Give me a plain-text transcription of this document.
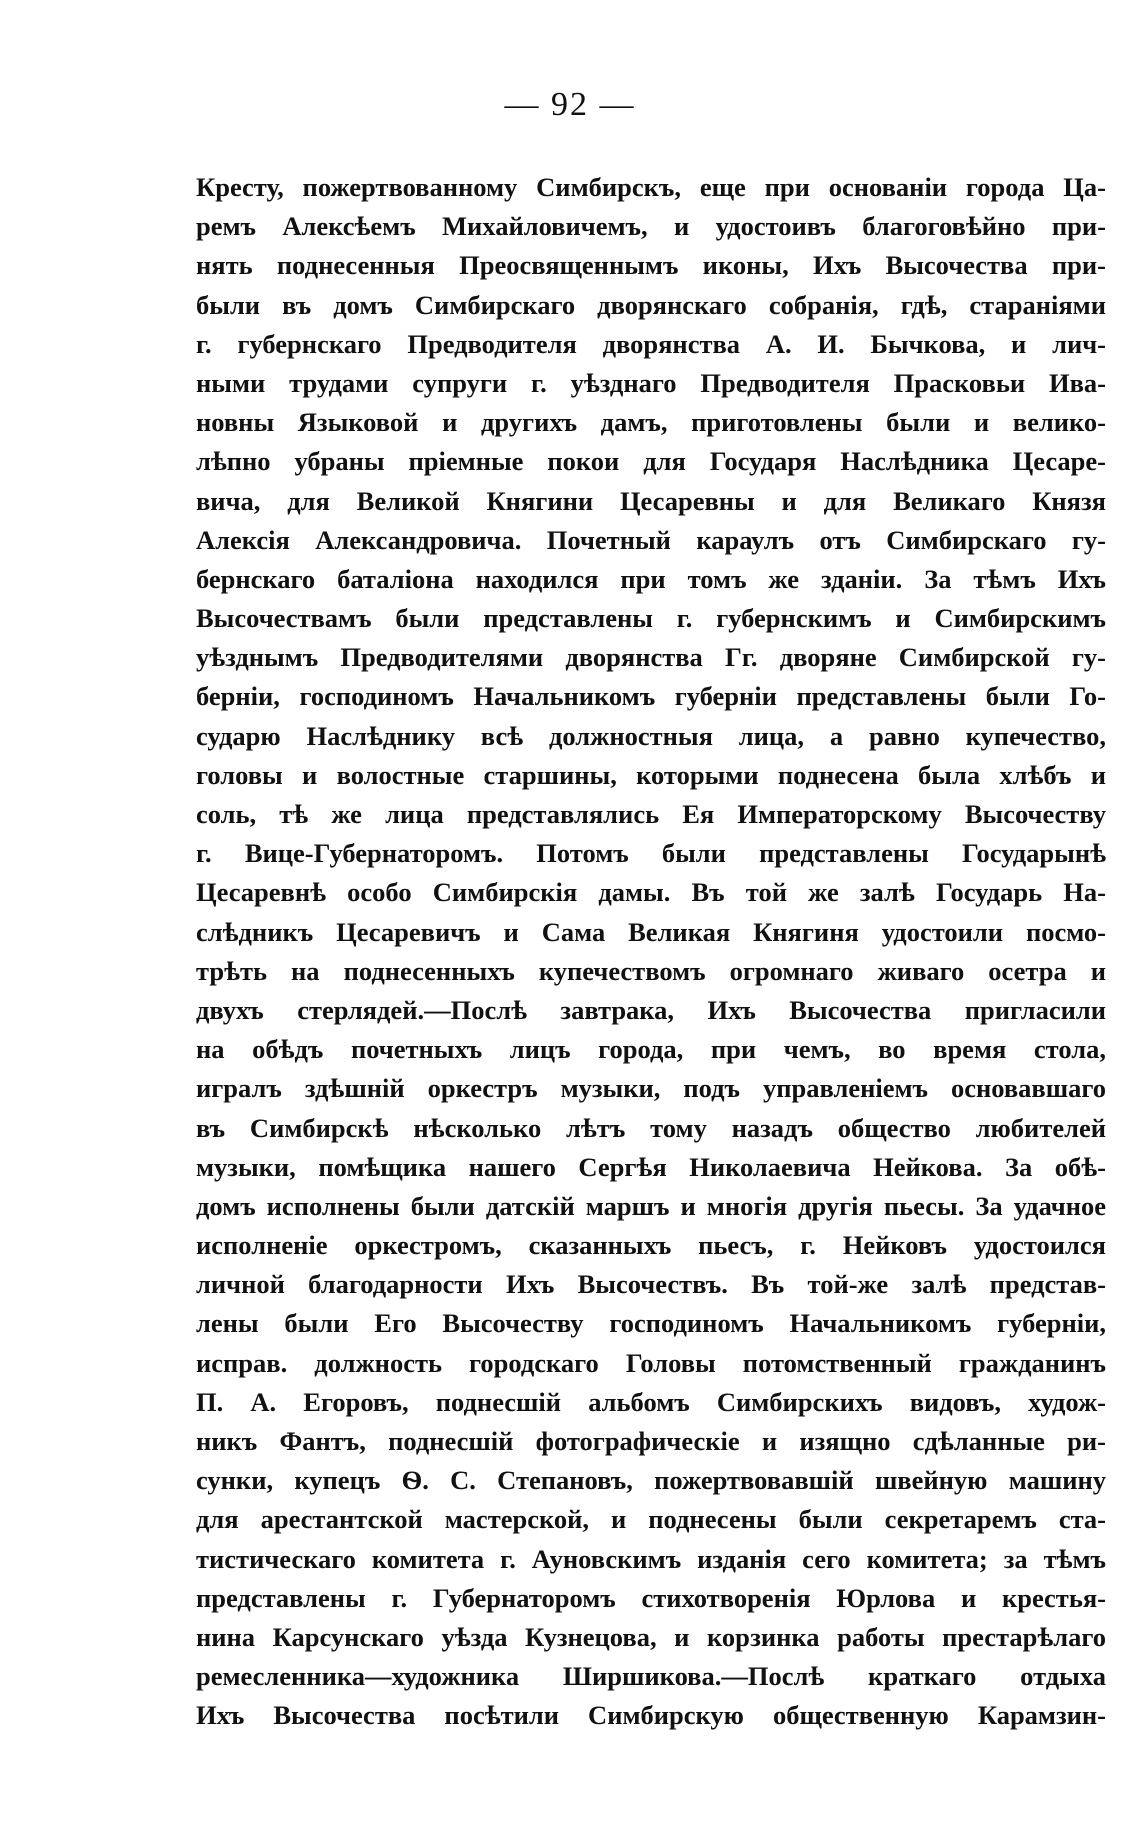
— 92 —
Кресту, пожертвованному Симбирскъ, еще при основанiи города Ца-
ремъ Алексѣемъ Михайловичемъ, и удостоивъ благоговѣйно при-
нять поднесенныя Преосвященнымъ иконы, Ихъ Высочества при-
были въ домъ Симбирскаго дворянскаго собранiя, гдѣ, стараніями
г. губернскаго Предводителя дворянства А. И. Бычкова, и лич-
ными трудами супруги г. уѣзднаго Предводителя Прасковьи Ива-
новны Языковой и другихъ дамъ, приготовлены были и велико-
лѣпно убраны прiемные покои для Государя Наслѣдника Цесаре-
вича, для Великой Княгини Цесаревны и для Великаго Князя
Алексiя Александровича. Почетный караулъ отъ Симбирскаго гу-
бернскаго баталiона находился при томъ же зданiи. За тѣмъ Ихъ
Высочествамъ были представлены г. губернскимъ и Симбирскимъ
уѣзднымъ Предводителями дворянства Гг. дворяне Симбирской гу-
бернiи, господиномъ Начальникомъ губернiи представлены были Го-
сударю Наслѣднику всѣ должностныя лица, а равно купечество,
головы и волостные старшины, которыми поднесена была хлѣбъ и
соль, тѣ же лица представлялись Ея Императорскому Высочеству
г. Вице-Губернаторомъ. Потомъ были представлены Государынѣ
Цесаревнѣ особо Симбирскiя дамы. Въ той же залѣ Государь На-
слѣдникъ Цесаревичъ и Сама Великая Княгиня удостоили посмо-
трѣть на поднесенныхъ купечествомъ огромнаго живаго осетра и
двухъ стерлядей.—Послѣ завтрака, Ихъ Высочества пригласили
на обѣдъ почетныхъ лицъ города, при чемъ, во время стола,
игралъ здѣшнiй оркестръ музыки, подъ управленiемъ основавшаго
въ Симбирскѣ нѣсколько лѣтъ тому назадъ общество любителей
музыки, помѣщика нашего Сергѣя Николаевича Нейкова. За обѣ-
домъ исполнены были датскiй маршъ и многiя другiя пьесы. За удачное
исполненiе оркестромъ, сказанныхъ пьесъ, г. Нейковъ удостоился
личной благодарности Ихъ Высочествъ. Въ той-же залѣ представ-
лены были Его Высочеству господиномъ Начальникомъ губернiи,
исправ. должность городскаго Головы потомственный гражданинъ
П. А. Егоровъ, поднесшiй альбомъ Симбирскихъ видовъ, худож-
никъ Фантъ, поднесшiй фотографическiе и изящно сдѣланные ри-
сунки, купецъ Ѳ. С. Степановъ, пожертвовавшiй швейную машину
для арестантской мастерской, и поднесены были секретаремъ ста-
тистическаго комитета г. Ауновскимъ изданiя сего комитета; за тѣмъ
представлены г. Губернаторомъ стихотворенiя Юрлова и крестья-
нина Карсунскаго уѣзда Кузнецова, и корзинка работы престарѣлаго
ремесленника—художника Ширшикова.—Послѣ краткаго отдыха
Ихъ Высочества посѣтили Симбирскую общественную Карамзин-
